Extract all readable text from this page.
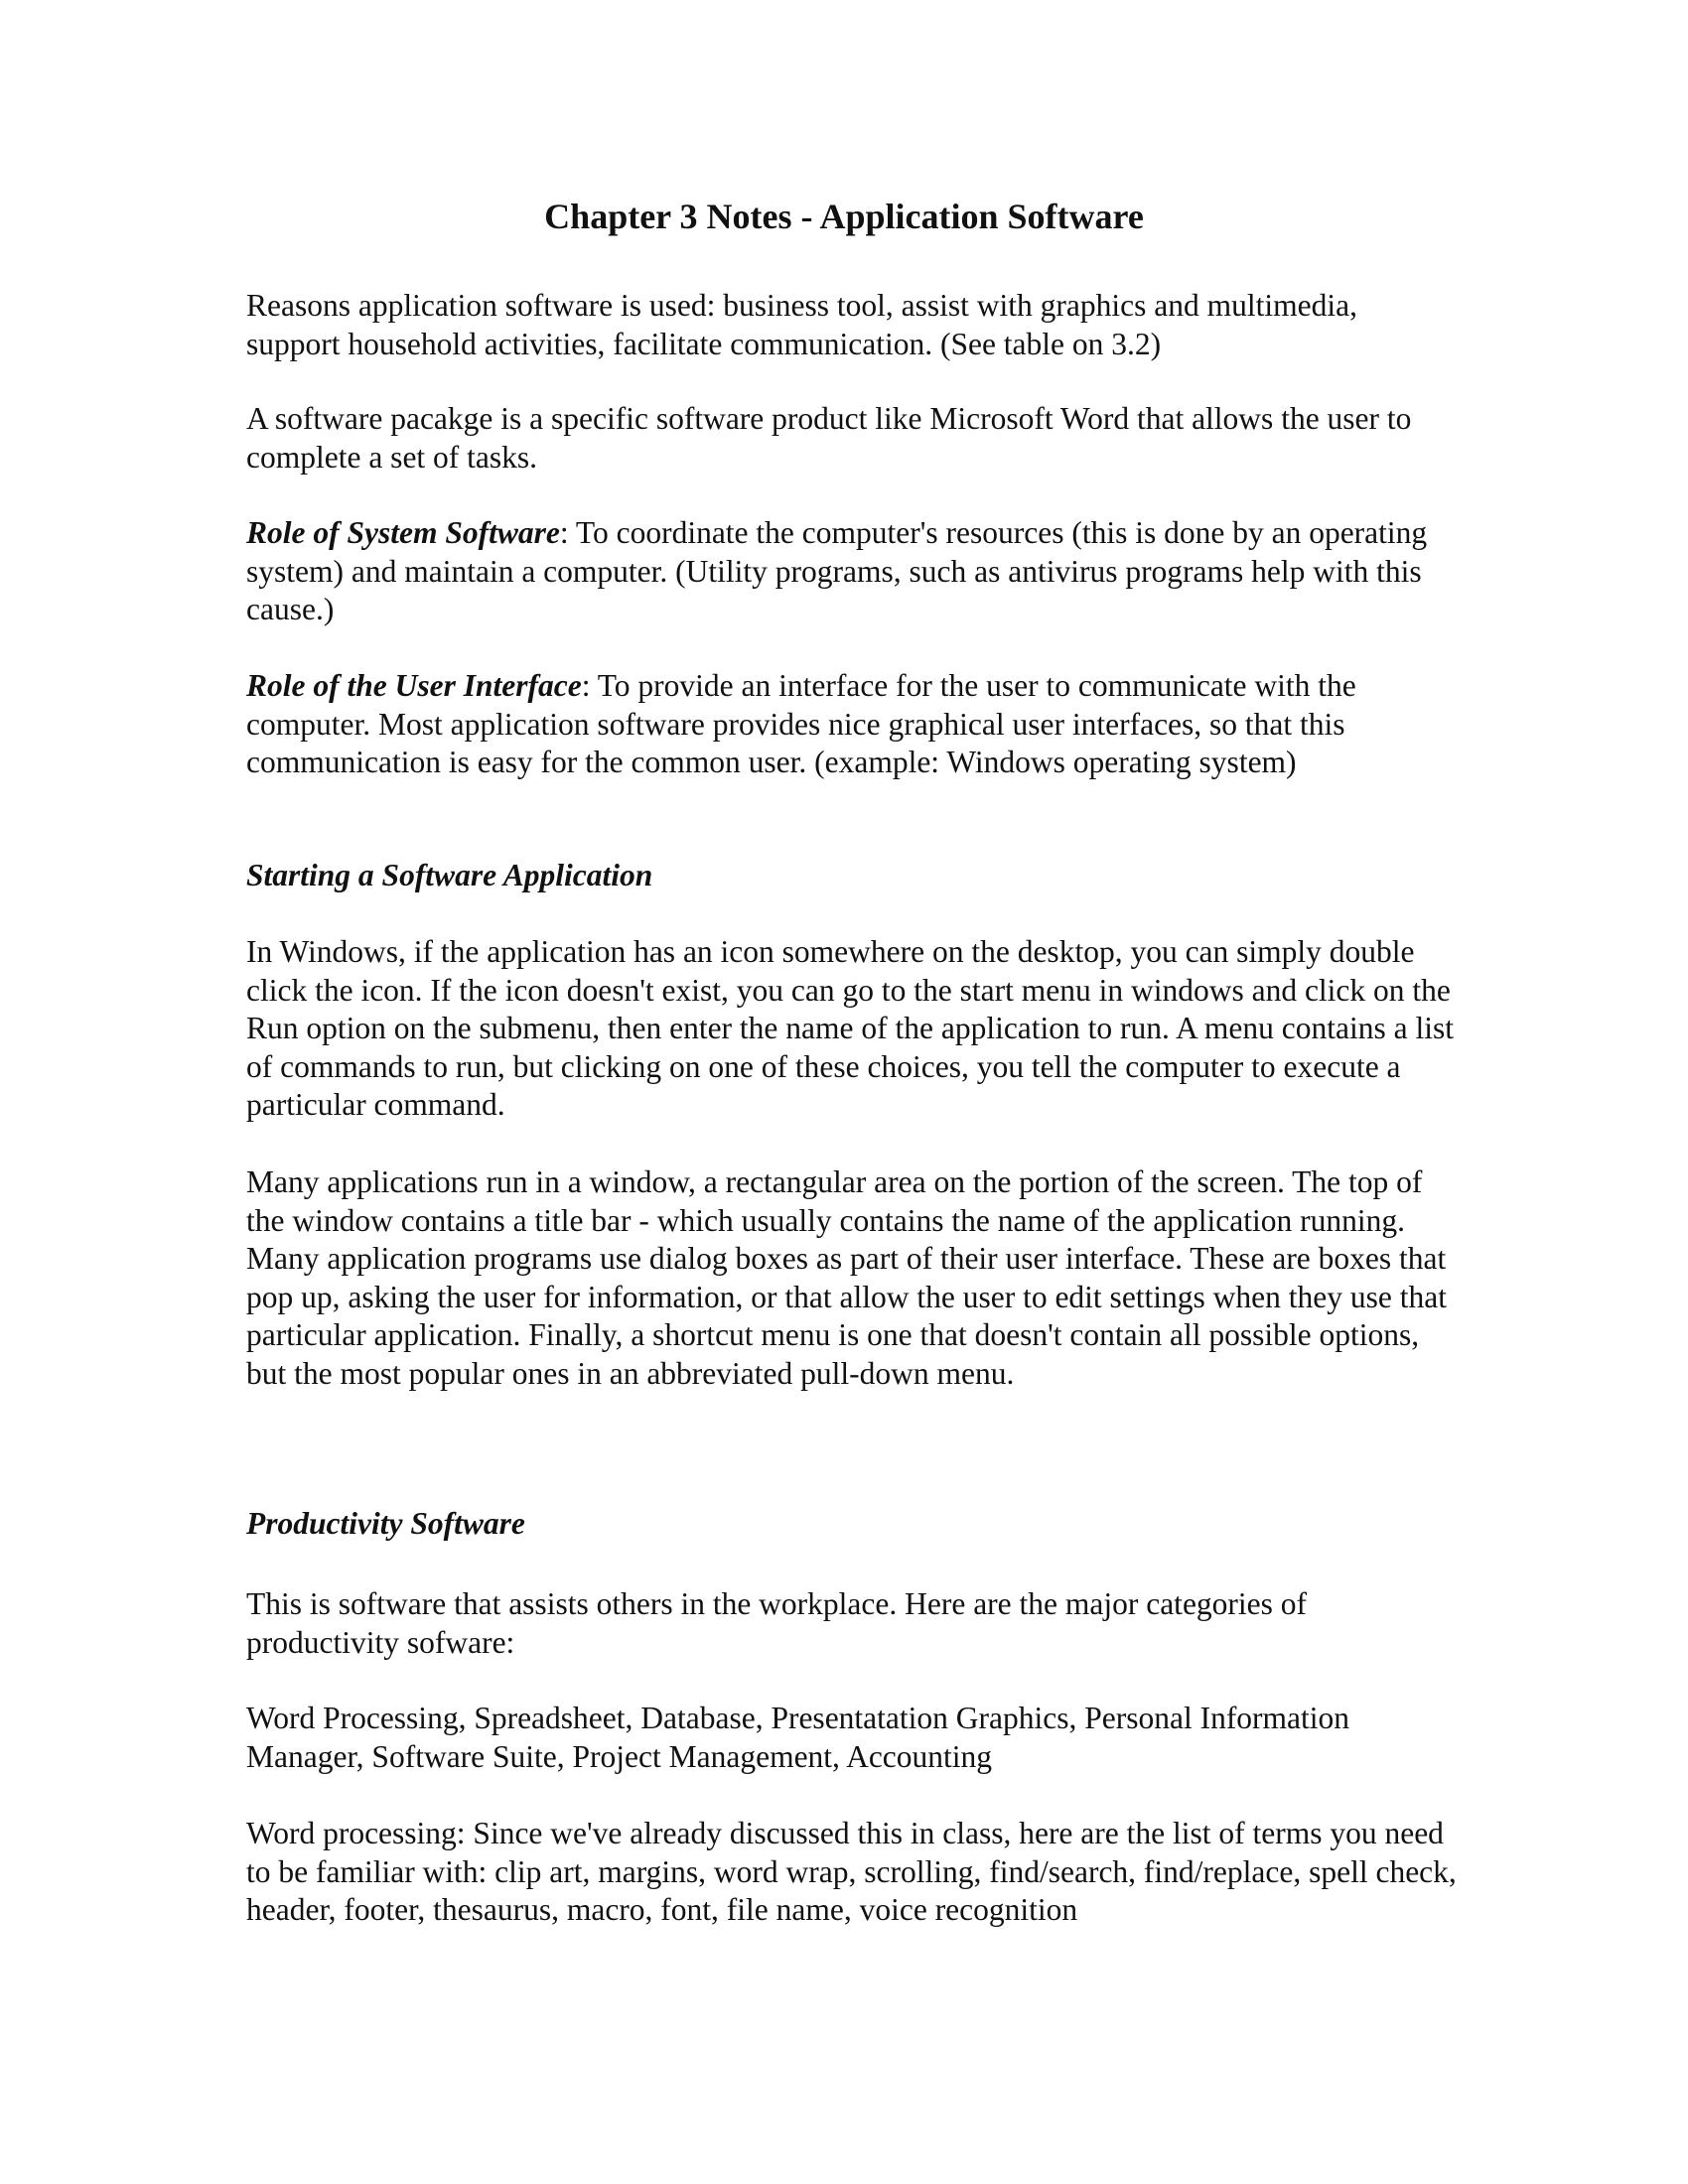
Chapter 3 Notes - Application Software

Reasons application software is used: business tool, assist with graphics and multimedia, support household activities, facilitate communication. (See table on 3.2)

A software pacakge is a specific software product like Microsoft Word that allows the user to complete a set of tasks.

Role of System Software: To coordinate the computer's resources (this is done by an operating system) and maintain a computer. (Utility programs, such as antivirus programs help with this cause.)

Role of the User Interface: To provide an interface for the user to communicate with the computer. Most application software provides nice graphical user interfaces, so that this communication is easy for the common user. (example: Windows operating system)

Starting a Software Application

In Windows, if the application has an icon somewhere on the desktop, you can simply double click the icon. If the icon doesn't exist, you can go to the start menu in windows and click on the Run option on the submenu, then enter the name of the application to run. A menu contains a list of commands to run, but clicking on one of these choices, you tell the computer to execute a particular command.

Many applications run in a window, a rectangular area on the portion of the screen. The top of the window contains a title bar - which usually contains the name of the application running. Many application programs use dialog boxes as part of their user interface. These are boxes that pop up, asking the user for information, or that allow the user to edit settings when they use that particular application. Finally, a shortcut menu is one that doesn't contain all possible options, but the most popular ones in an abbreviated pull-down menu.

Productivity Software

This is software that assists others in the workplace. Here are the major categories of productivity sofware:

Word Processing, Spreadsheet, Database, Presentatation Graphics, Personal Information Manager, Software Suite, Project Management, Accounting

Word processing: Since we've already discussed this in class, here are the list of terms you need to be familiar with: clip art, margins, word wrap, scrolling, find/search, find/replace, spell check, header, footer, thesaurus, macro, font, file name, voice recognition
